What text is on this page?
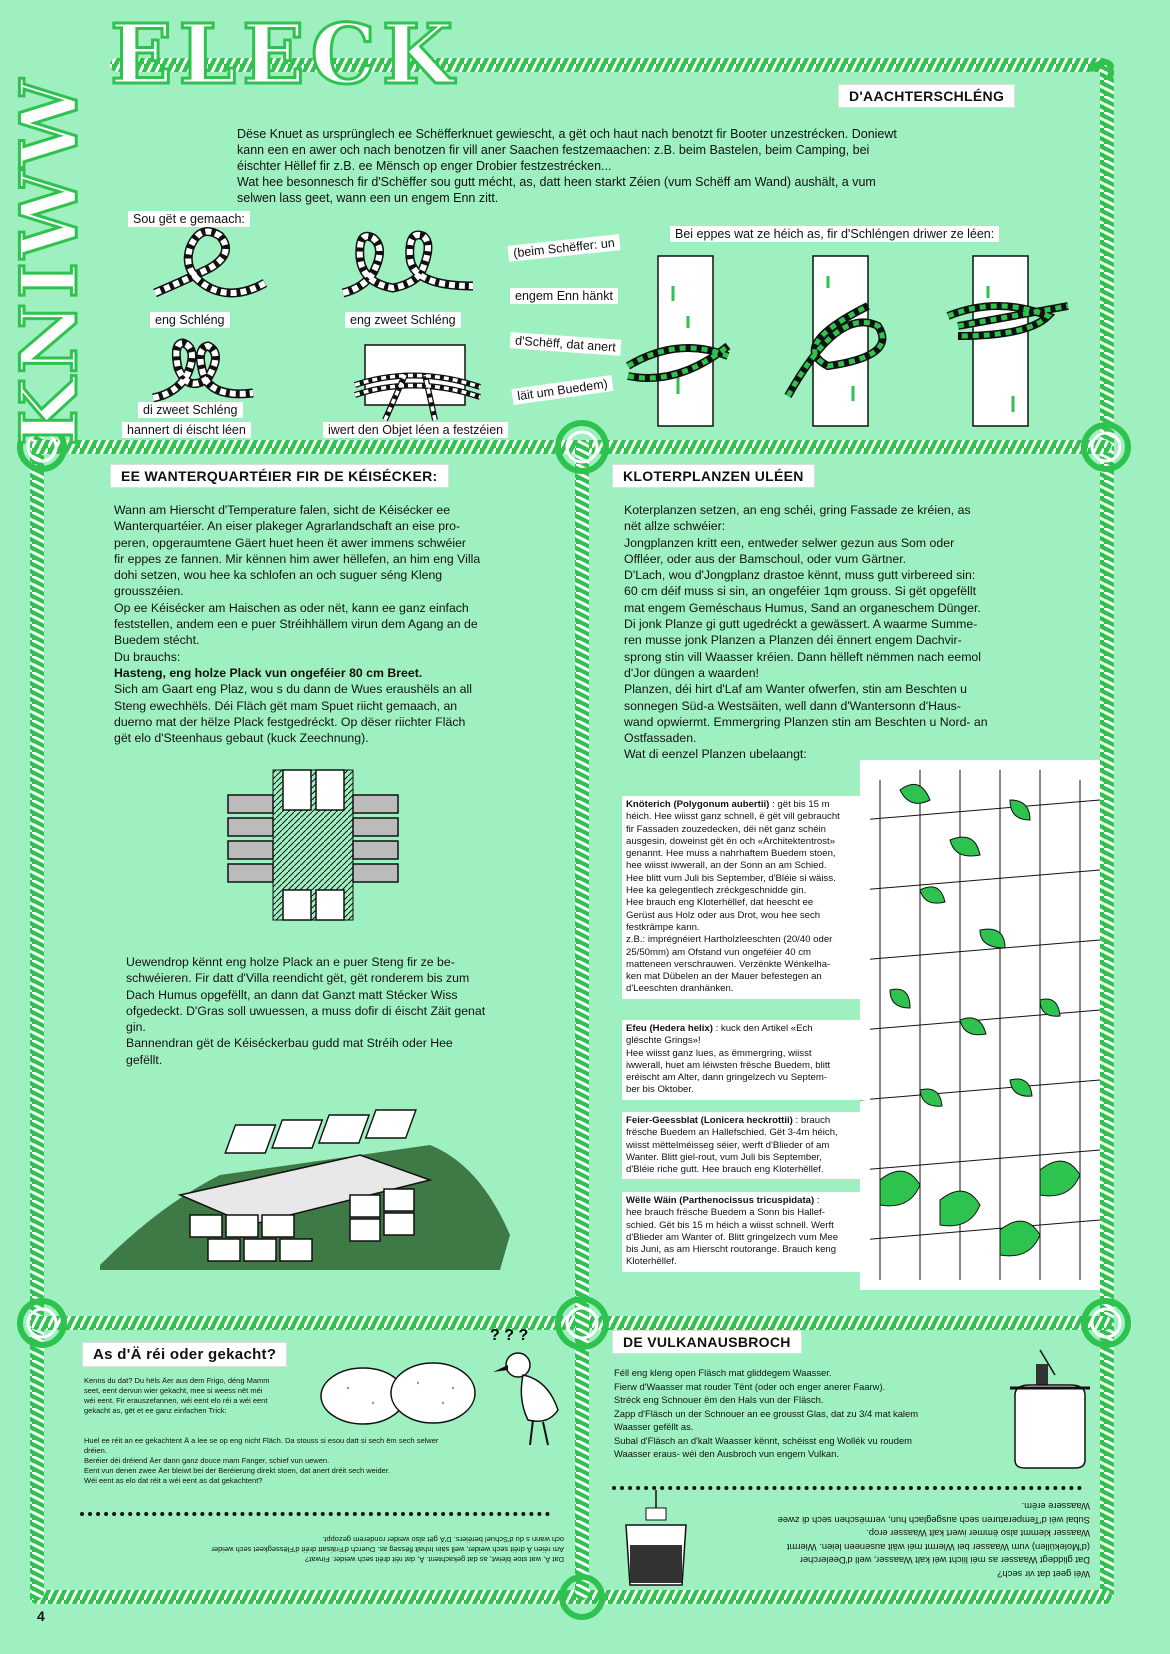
KNIWW
ELECK	D'AACHTERSCHLÉNG
Dëse Knuet as ursprünglech ee Schëfferknuet gewiescht, a gët och haut nach benotzt fir Booter unzestrécken. Doniewt
kann een en awer och nach benotzen fir vill aner Saachen festzemaachen: z.B. beim Bastelen, beim Camping, bei
éischter Hëllef fir z.B. ee Mënsch op enger Drobier festzestrécken...
Wat hee besonnesch fir d'Schëffer sou gutt mécht, as, datt heen starkt Zéien (vum Schëff am Wand) aushält, a vum
selwen lass geet, wann een un engem Enn zitt.
Sou gët e gemaach:
eng Schléng	eng zweet Schléng
di zweet Schléng
hannert di éischt léen	iwert den Objet léen a festzéien
(beim Schëffer: un
engem Enn hänkt
d'Schëff, dat anert
läit um Buedem)
Bei eppes wat ze héich as, fir d'Schléngen driwer ze léen:
EE WANTERQUARTÉIER FIR DE KÉISÉCKER:
Wann am Hierscht d'Temperature falen, sicht de Kéisécker ee
Wanterquartéier. An eiser plakeger Agrarlandschaft an eise pro-
peren, opgeraumtene Gäert huet heen ët awer immens schwéier
fir eppes ze fannen. Mir kënnen him awer hëllefen, an him eng Villa
dohi setzen, wou hee ka schlofen an och suguer séng Kleng
grousszéien.
Op ee Kéisécker am Haischen as oder nët, kann ee ganz einfach
feststellen, andem een e puer Stréihhällem virun dem Agang an de
Buedem stécht.
Du brauchs:
Hasteng, eng holze Plack vun ongeféier 80 cm Breet.
Sich am Gaart eng Plaz, wou s du dann de Wues eraushëls an all
Steng ewechhëls. Déi Fläch gët mam Spuet riicht gemaach, an
duerno mat der hëlze Plack festgedréckt. Op dëser riichter Fläch
gët elo d'Steenhaus gebaut (kuck Zeechnung).
Uewendrop kënnt eng holze Plack an e puer Steng fir ze be-
schwéieren. Fir datt d'Villa reendicht gët, gët ronderem bis zum
Dach Humus opgefëllt, an dann dat Ganzt matt Stécker Wiss
ofgedeckt. D'Gras soll uwuessen, a muss dofir di éischt Zäit genat
gin.
Bannendran gët de Kéiséckerbau gudd mat Stréih oder Hee
gefëllt.
KLOTERPLANZEN ULÉEN
Koterplanzen setzen, an eng schéi, gring Fassade ze kréien, as
nët allze schwéier:
Jongplanzen kritt een, entweder selwer gezun aus Som oder
Offléer, oder aus der Bamschoul, oder vum Gärtner.
D'Lach, wou d'Jongplanz drastoe kënnt, muss gutt virbereed sin:
60 cm déif muss si sin, an ongeféier 1qm grouss. Si gët opgefëllt
mat engem Geméschaus Humus, Sand an organeschem Dünger.
Di jonk Planze gi gutt ugedréckt a gewässert. A waarme Summe-
ren musse jonk Planzen a Planzen déi ënnert engem Dachvir-
sprong stin vill Waasser kréien. Dann hëlleft nëmmen nach eemol
d'Jor düngen a waarden!
Planzen, déi hirt d'Laf am Wanter ofwerfen, stin am Beschten u
sonnegen Süd-a Westsäiten, well dann d'Wantersonn d'Haus-
wand opwiermt. Emmergring Planzen stin am Beschten u Nord- an
Ostfassaden.
Wat di eenzel Planzen ubelaangt:
Knöterich (Polygonum aubertii) : gët bis 15 m
héich. Hee wiisst ganz schnell, ë gët vill gebraucht
fir Fassaden zouzedecken, dëi nët ganz schéin
ausgesin, doweinst gët ën och «Architektentrost»
genannt. Hee muss a nahrhaftem Buedem stoen,
hee wiisst iwwerall, an der Sonn an am Schied.
Hee blitt vum Juli bis September, d'Bléie si wäiss.
Hee ka gelegentlech zréckgeschnidde gin.
Hee brauch eng Kloterhëllef, dat heescht ee
Gerüst aus Holz oder aus Drot, wou hee sech
festkrämpe kann.
z.B.: imprégnéiert Hartholzleeschten (20/40 oder
25/50mm) am Ofstand vun ongeféier 40 cm
matteneen verschrauwen. Verzënkte Wénkelha-
ken mat Dübelen an der Mauer befestegen an
d'Leeschten dranhänken.
Efeu (Hedera helix) : kuck den Artikel «Ech
gléschte Grings»!
Hee wiisst ganz lues, as ëmmergring, wiisst
iwwerall, huet am léiwsten frësche Buedem, blitt
eréischt am Alter, dann gringelzech vu Septem-
ber bis Oktober.
Feier-Geessblat (Lonicera heckrottii) : brauch
frësche Buedem an Hallefschied. Gët 3-4m héich,
wiisst mëttelméisseg séier, werft d'Blieder of am
Wanter. Blitt giel-rout, vum Juli bis September,
d'Bléie riche gutt. Hee brauch eng Kloterhëllef.
Wëlle Wäin (Parthenocissus tricuspidata) :
hee brauch frësche Buedem a Sonn bis Hallef-
schied. Gët bis 15 m héich a wiisst schnell. Werft
d'Blieder am Wanter of. Blitt gringelzech vum Mee
bis Juni, as am Hierscht routorange. Brauch keng
Kloterhëllef.
As d'Ä réi oder gekacht?
Kenns du dat? Du hëls Äer aus dem Frigo, déng Mamm
seet, eent dervun wier gekacht, mee si weess nët méi
wéi eent. Fir erauszefannen, wéi eent elo réi a wéi eent
gekacht as, gët et ee ganz einfachen Trick:
? ? ?
Huel ee réit an ee gekachtent Ä a lee se op eng nicht Fläch. Da stouss si esou datt si sech ëm sech selwer
dréien.
Beréier déi dréiend Äer dann ganz douce mam Fanger, schief vun uewen.
Eent vun denen zwee Äer bleiwt bei der Beréierung direkt stoen, dat anert dréit sech weider.
Wéi eent as elo dat réit a wéi eent as dat gekachtent?
Dat Ä, wat stoe bleiwt, as dat gekachtent. Ä, dat réit dréit sech weider. Firwat?
Am réien Ä dréit sech weider, well säin Inhalt flësseg as. Duerch d'Fräisatt dréit d'Flëssegkeet sech weider
och wann s du d'Schuel beréiers. D'Ä gët also weider ronderem gezoppt.
DE VULKANAUSBROCH
Féll eng kleng open Fläsch mat gliddegem Waasser.
Fierw d'Waasser mat rouder Tënt (oder och enger anerer Faarw).
Stréck eng Schnouer ëm den Hals vun der Fläsch.
Zapp d'Fläsch un der Schnouer an ee grousst Glas, dat zu 3/4 mat kalem
Waasser gefëllt as.
Subal d'Fläsch an d'kalt Waasser kënnt, schéisst eng Wollék vu roudem
Waasser eraus- wéi den Ausbroch vun engem Vulkan.
Wéi geet dat vir sech?
Dat gliddegt Waasser as méi liicht wéi kalt Waasser, well d'Deelercher
(d'Moleküllen) vum Waasser bei Wiermt méi wäit auseneen leien. Wiermt
Waasser klemmt also ëmmer iwert kalt Waasser erop.
Subal wéi d'Temperaturen sech ausgeglach hun, vermëschen sech di zwee
Waassere erëm.
4
